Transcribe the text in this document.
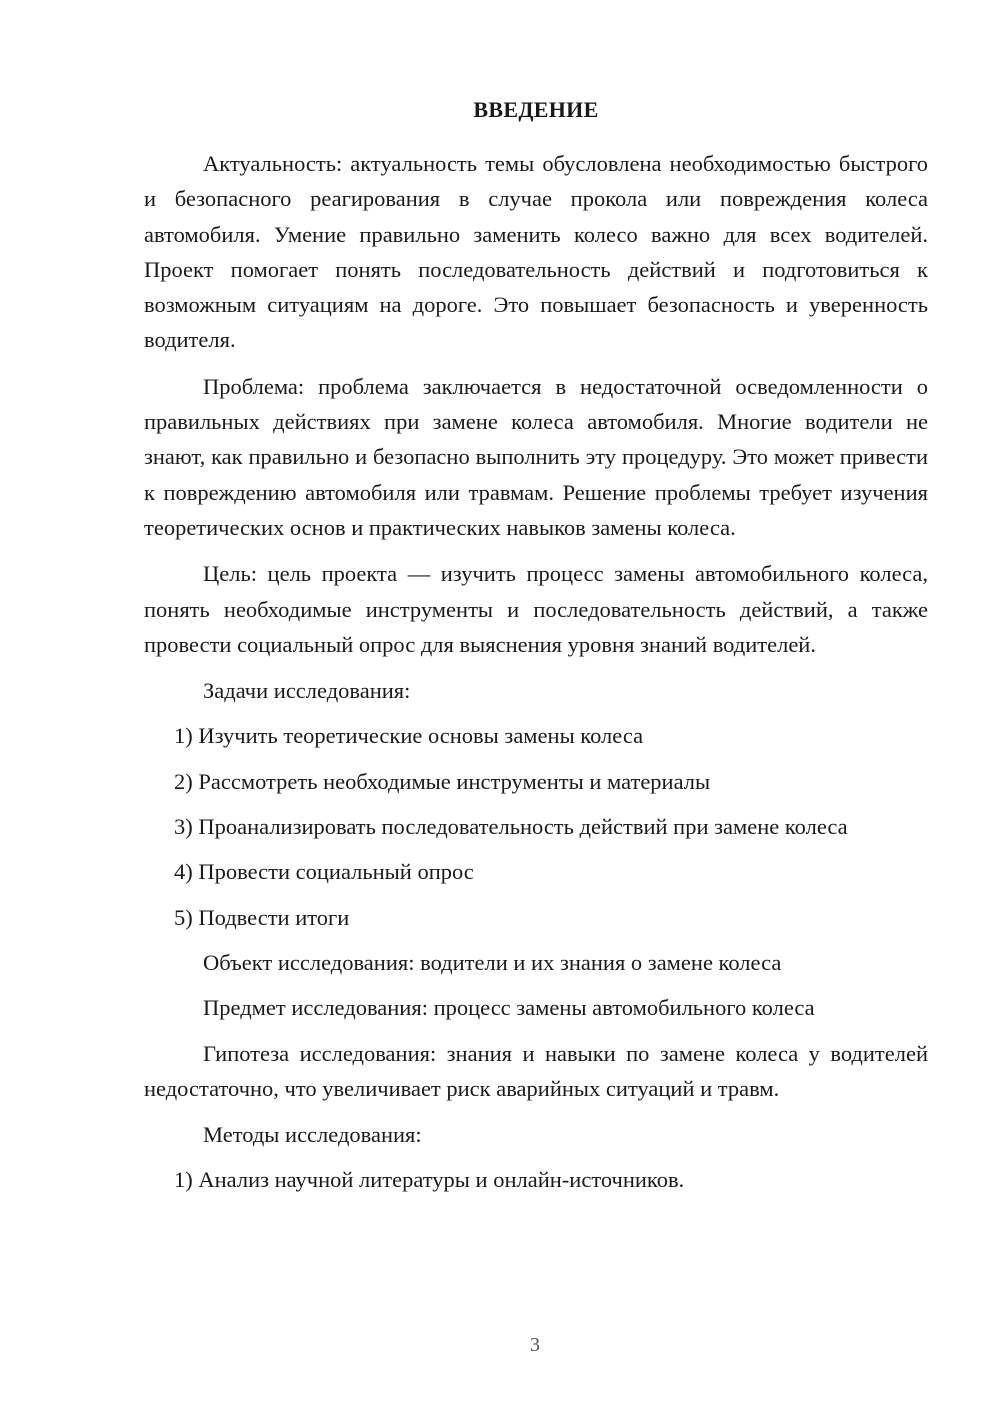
ВВЕДЕНИЕ

Актуальность: актуальность темы обусловлена необходимостью быстрого и безопасного реагирования в случае прокола или повреждения колеса автомобиля. Умение правильно заменить колесо важно для всех водителей. Проект помогает понять последовательность действий и подготовиться к возможным ситуациям на дороге. Это повышает безопасность и уверенность водителя.

Проблема: проблема заключается в недостаточной осведомленности о правильных действиях при замене колеса автомобиля. Многие водители не знают, как правильно и безопасно выполнить эту процедуру. Это может привести к повреждению автомобиля или травмам. Решение проблемы требует изучения теоретических основ и практических навыков замены колеса.

Цель: цель проекта — изучить процесс замены автомобильного колеса, понять необходимые инструменты и последовательность действий, а также провести социальный опрос для выяснения уровня знаний водителей.

Задачи исследования:

1) Изучить теоретические основы замены колеса

2) Рассмотреть необходимые инструменты и материалы

3) Проанализировать последовательность действий при замене колеса

4) Провести социальный опрос

5) Подвести итоги

Объект исследования: водители и их знания о замене колеса

Предмет исследования: процесс замены автомобильного колеса

Гипотеза исследования: знания и навыки по замене колеса у водителей недостаточно, что увеличивает риск аварийных ситуаций и травм.

Методы исследования:

1) Анализ научной литературы и онлайн-источников.

3
